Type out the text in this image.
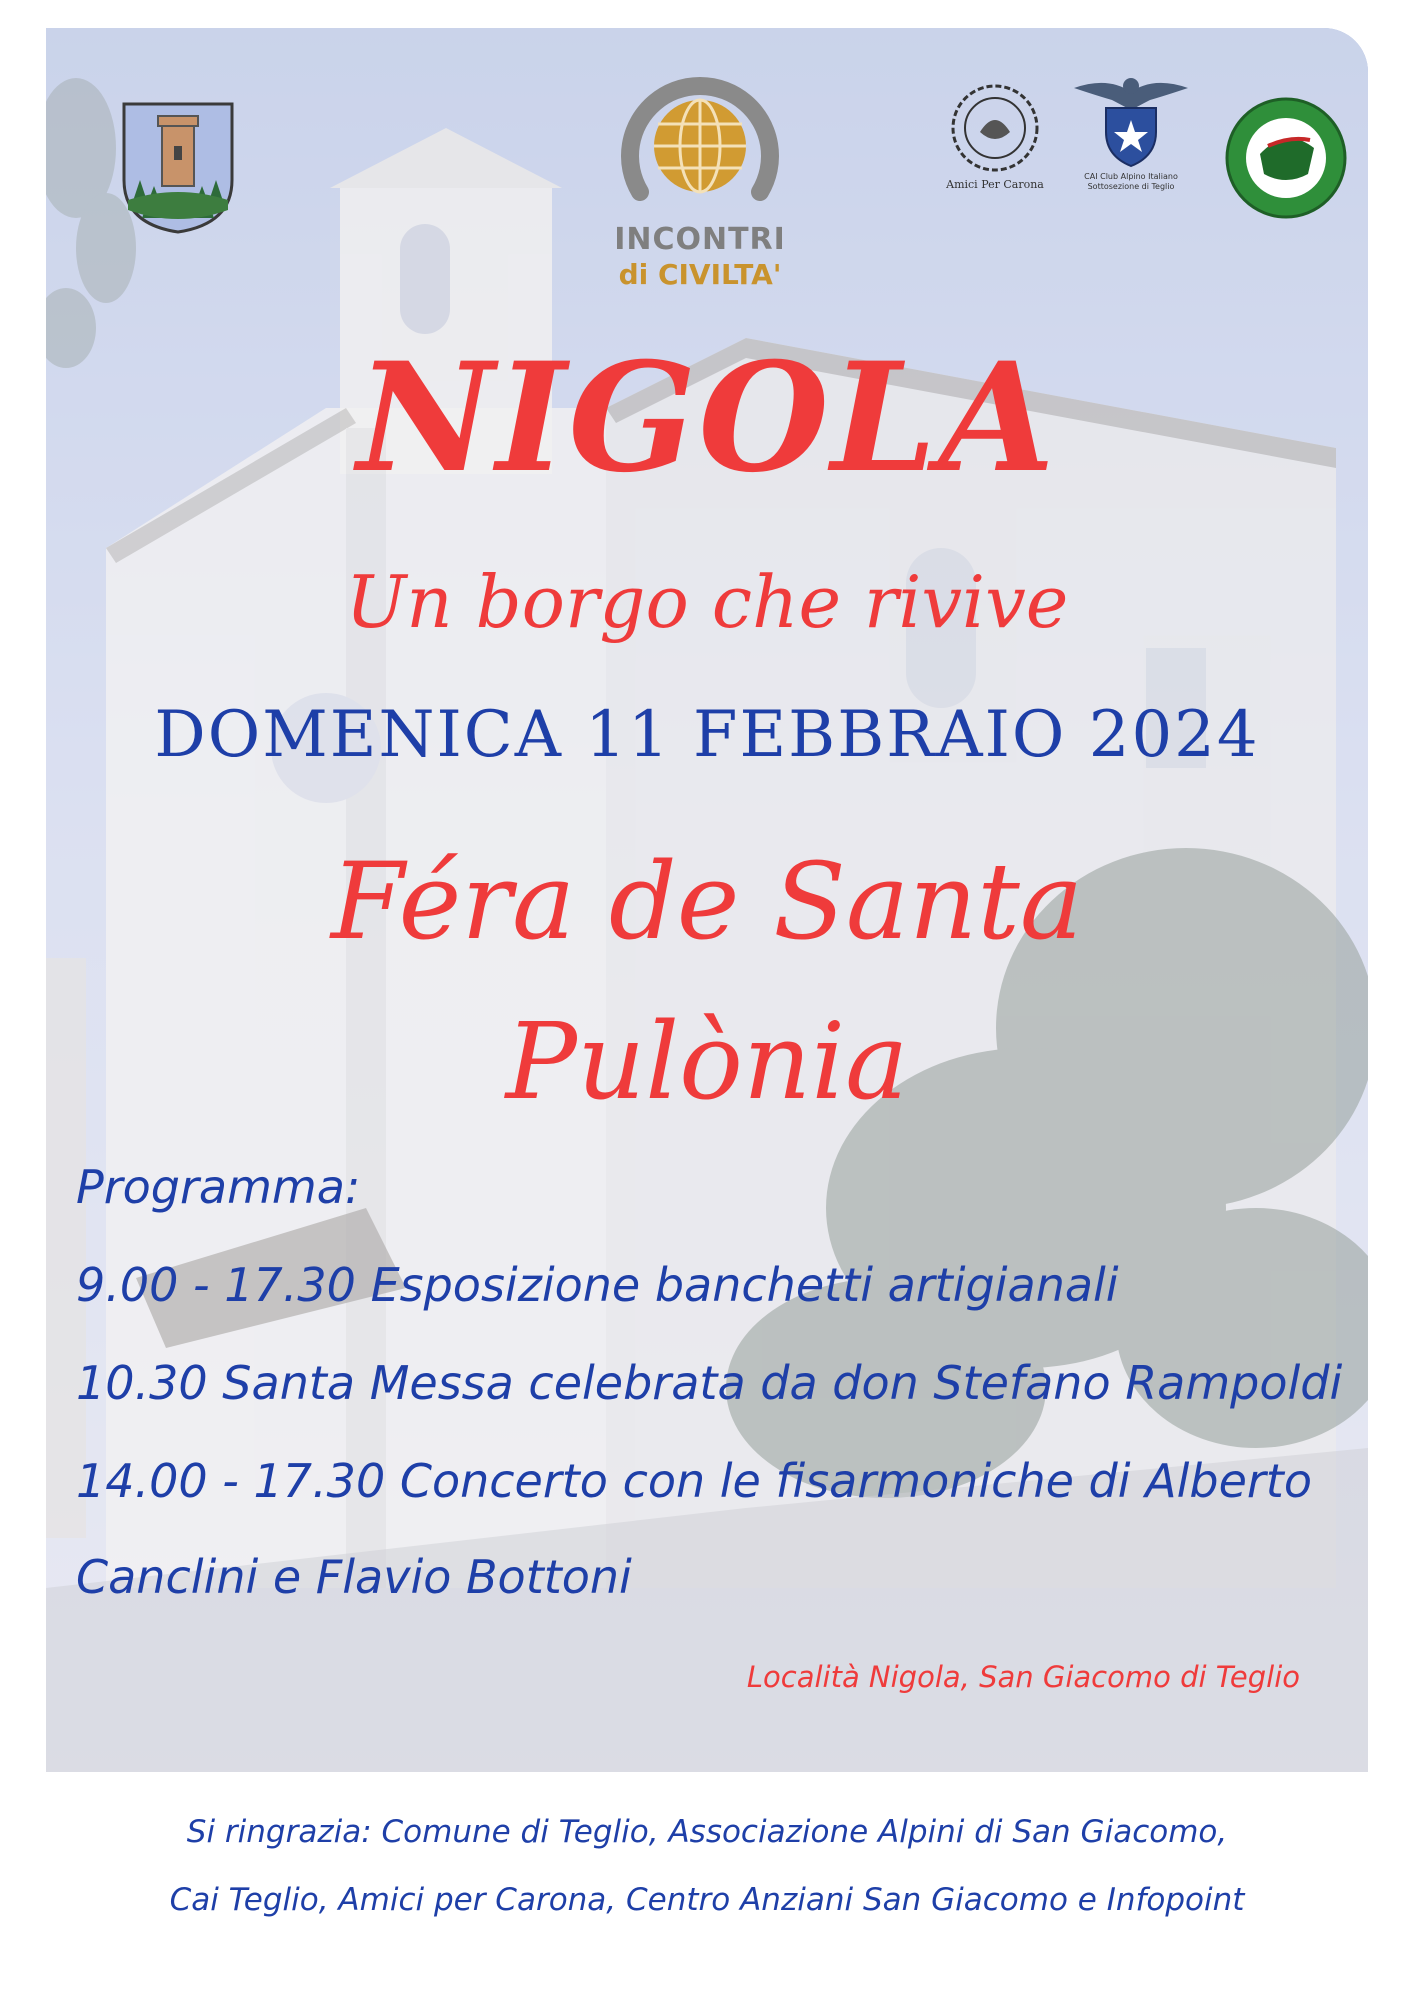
INCONTRI
di CIVILTA'
Amici Per Carona
CAI Club Alpino Italiano
Sottosezione di Teglio
NIGOLA
Un borgo che rivive
DOMENICA 11 FEBBRAIO 2024
Féra de Santa
Pulònia
Programma:
9.00 - 17.30 Esposizione banchetti artigianali
10.30 Santa Messa celebrata da don Stefano Rampoldi
14.00 - 17.30 Concerto con le fisarmoniche di Alberto
Canclini e Flavio Bottoni
Località Nigola, San Giacomo di Teglio
Si ringrazia: Comune di Teglio, Associazione Alpini di San Giacomo,
Cai Teglio, Amici per Carona, Centro Anziani San Giacomo e Infopoint
